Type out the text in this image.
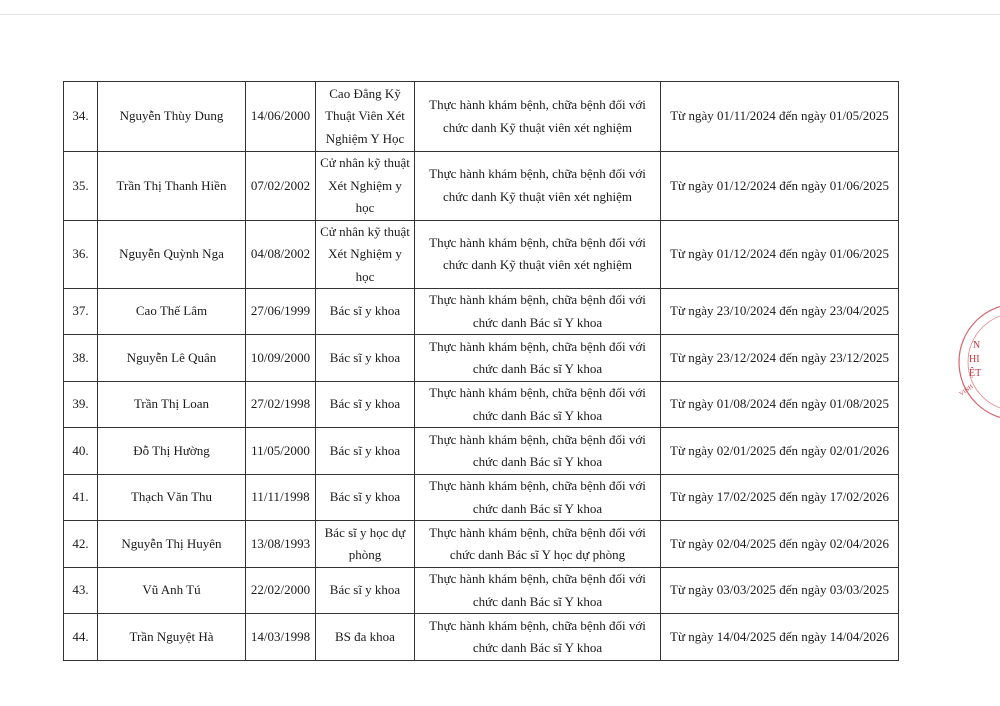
34.	Nguyễn Thùy Dung	14/06/2000	Cao Đẳng Kỹ Thuật Viên Xét Nghiệm Y Học	Thực hành khám bệnh, chữa bệnh đối với chức danh Kỹ thuật viên xét nghiệm	Từ ngày 01/11/2024 đến ngày 01/05/2025
35.	Trần Thị Thanh Hiền	07/02/2002	Cử nhân kỹ thuật Xét Nghiệm y học	Thực hành khám bệnh, chữa bệnh đối với chức danh Kỹ thuật viên xét nghiệm	Từ ngày 01/12/2024 đến ngày 01/06/2025
36.	Nguyễn Quỳnh Nga	04/08/2002	Cử nhân kỹ thuật Xét Nghiệm y học	Thực hành khám bệnh, chữa bệnh đối với chức danh Kỹ thuật viên xét nghiệm	Từ ngày 01/12/2024 đến ngày 01/06/2025
37.	Cao Thế Lâm	27/06/1999	Bác sĩ y khoa	Thực hành khám bệnh, chữa bệnh đối với chức danh Bác sĩ Y khoa	Từ ngày 23/10/2024 đến ngày 23/04/2025
38.	Nguyễn Lê Quân	10/09/2000	Bác sĩ y khoa	Thực hành khám bệnh, chữa bệnh đối với chức danh Bác sĩ Y khoa	Từ ngày 23/12/2024 đến ngày 23/12/2025
39.	Trần Thị Loan	27/02/1998	Bác sĩ y khoa	Thực hành khám bệnh, chữa bệnh đối với chức danh Bác sĩ Y khoa	Từ ngày 01/08/2024 đến ngày 01/08/2025
40.	Đỗ Thị Hường	11/05/2000	Bác sĩ y khoa	Thực hành khám bệnh, chữa bệnh đối với chức danh Bác sĩ Y khoa	Từ ngày 02/01/2025 đến ngày 02/01/2026
41.	Thạch Văn Thu	11/11/1998	Bác sĩ y khoa	Thực hành khám bệnh, chữa bệnh đối với chức danh Bác sĩ Y khoa	Từ ngày 17/02/2025 đến ngày 17/02/2026
42.	Nguyễn Thị Huyên	13/08/1993	Bác sĩ y học dự phòng	Thực hành khám bệnh, chữa bệnh đối với chức danh Bác sĩ Y học dự phòng	Từ ngày 02/04/2025 đến ngày 02/04/2026
43.	Vũ Anh Tú	22/02/2000	Bác sĩ y khoa	Thực hành khám bệnh, chữa bệnh đối với chức danh Bác sĩ Y khoa	Từ ngày 03/03/2025 đến ngày 03/03/2025
44.	Trần Nguyệt Hà	14/03/1998	BS đa khoa	Thực hành khám bệnh, chữa bệnh đối với chức danh Bác sĩ Y khoa	Từ ngày 14/04/2025 đến ngày 14/04/2026
N
HI
ỆT
VINH
